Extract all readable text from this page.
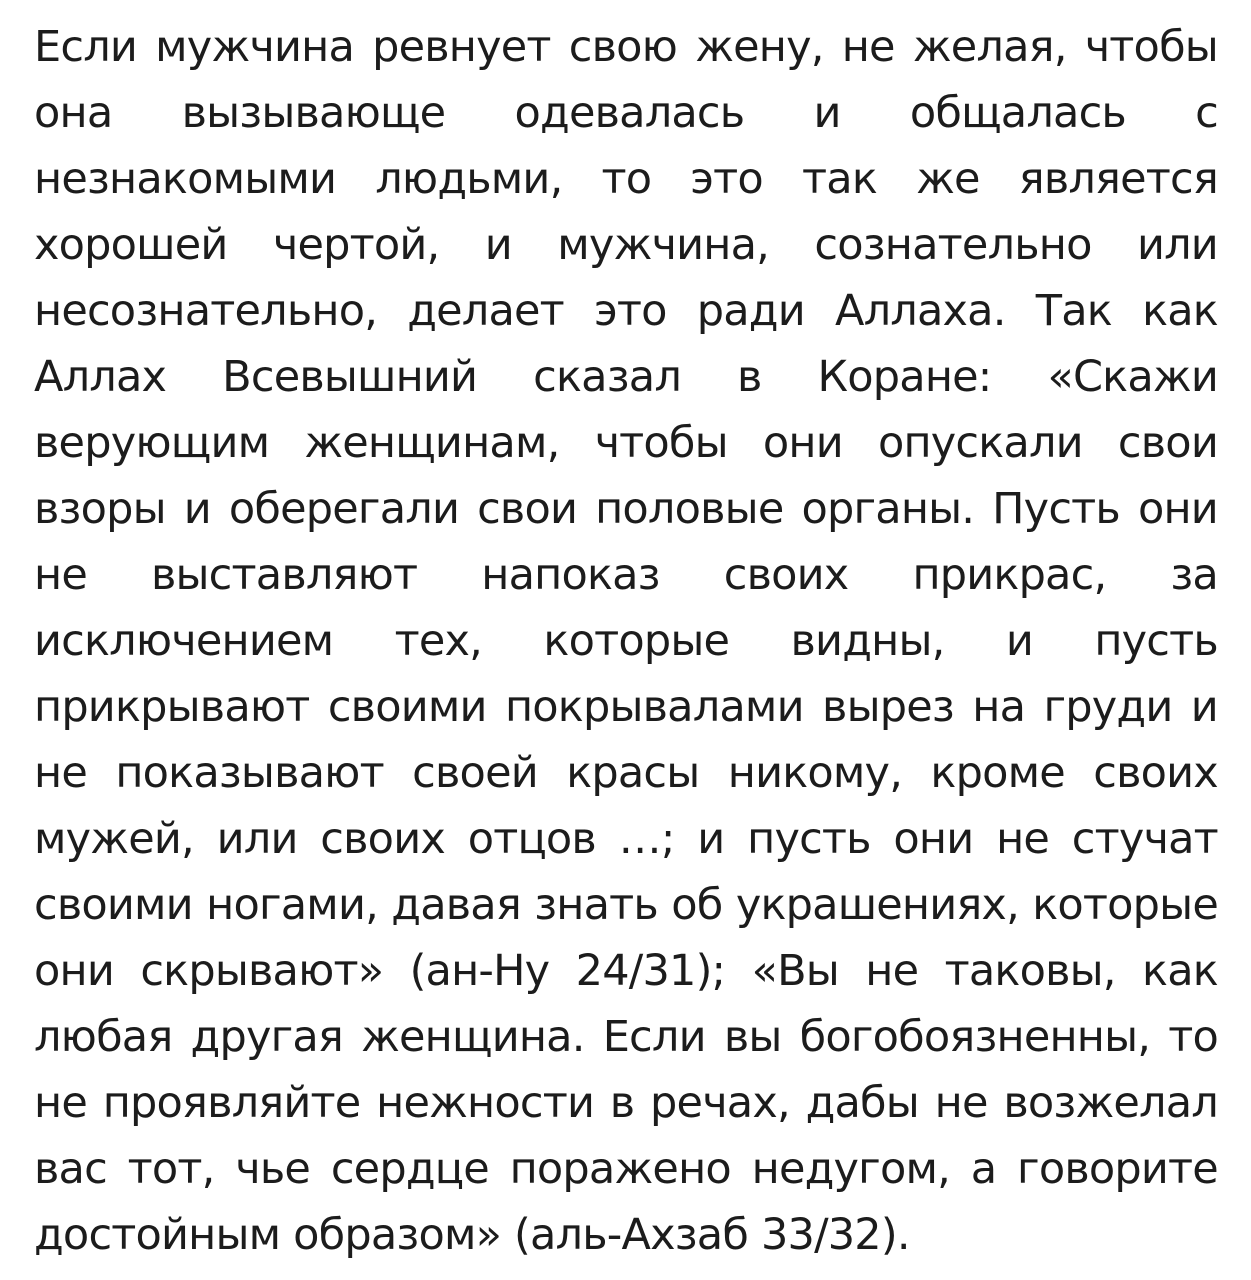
Если мужчина ревнует свою жену, не желая, чтобы
она вызывающе одевалась и общалась с
незнакомыми людьми, то это так же является
хорошей чертой, и мужчина, сознательно или
несознательно, делает это ради Аллаха. Так как
Аллах Всевышний сказал в Коране: «Скажи
верующим женщинам, чтобы они опускали свои
взоры и оберегали свои половые органы. Пусть они
не выставляют напоказ своих прикрас, за
исключением тех, которые видны, и пусть
прикрывают своими покрывалами вырез на груди и
не показывают своей красы никому, кроме своих
мужей, или своих отцов …; и пусть они не стучат
своими ногами, давая знать об украшениях, которые
они скрывают» (ан-Ну 24/31); «Вы не таковы, как
любая другая женщина. Если вы богобоязненны, то
не проявляйте нежности в речах, дабы не возжелал
вас тот, чье сердце поражено недугом, а говорите
достойным образом» (аль-Ахзаб 33/32).
